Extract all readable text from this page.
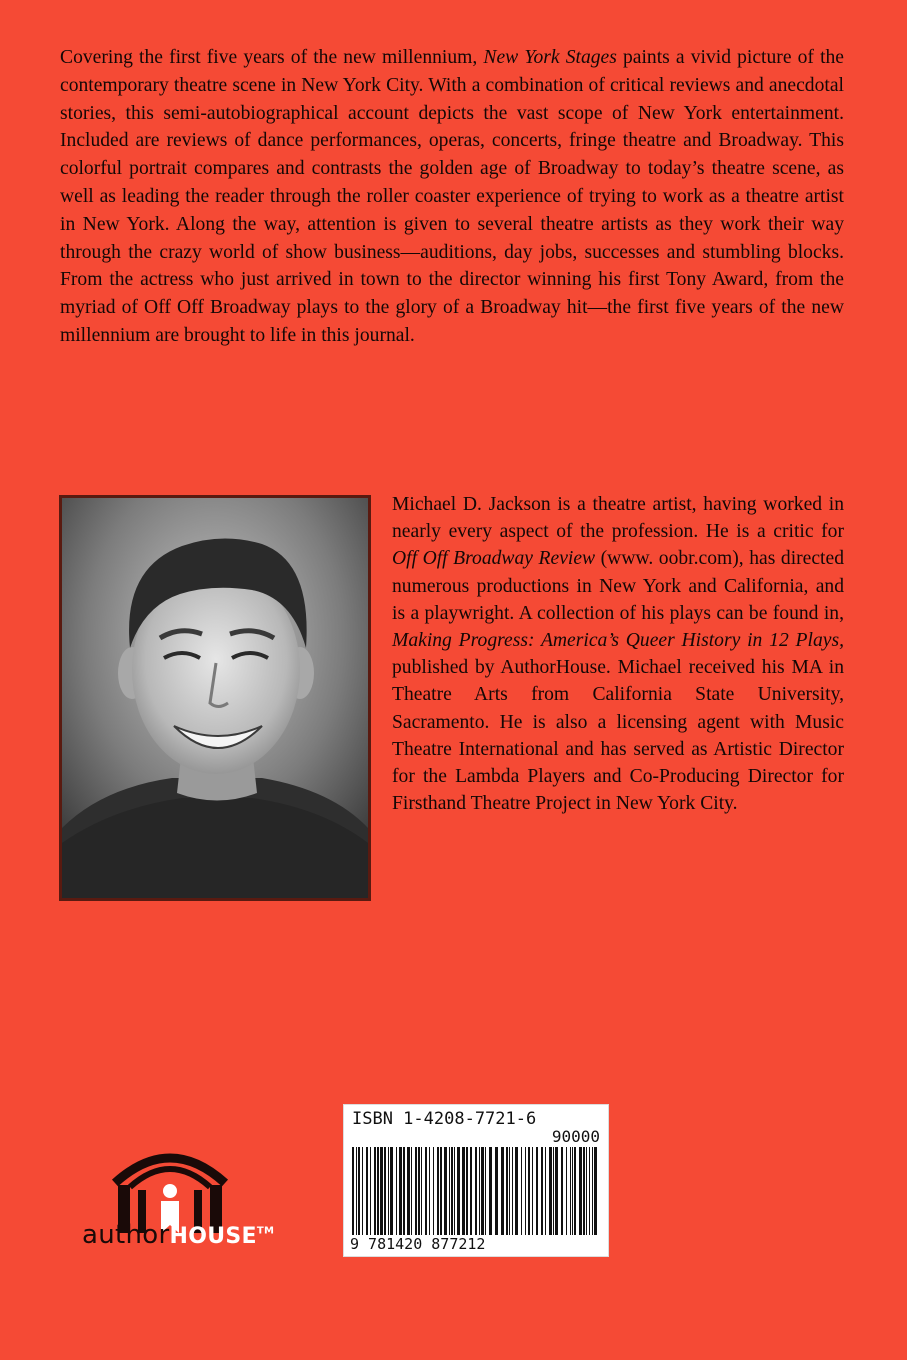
Covering the first five years of the new millennium, New York Stages paints a vivid picture of the contemporary theatre scene in New York City. With a combination of critical reviews and anecdotal stories, this semi-autobiographical account depicts the vast scope of New York entertainment. Included are reviews of dance performances, operas, concerts, fringe theatre and Broadway. This colorful portrait compares and contrasts the golden age of Broadway to today’s theatre scene, as well as leading the reader through the roller coaster experience of trying to work as a theatre artist in New York. Along the way, attention is given to several theatre artists as they work their way through the crazy world of show business—auditions, day jobs, successes and stumbling blocks. From the actress who just arrived in town to the director winning his first Tony Award, from the myriad of Off Off Broadway plays to the glory of a Broadway hit—the first five years of the new millennium are brought to life in this journal.

Michael D. Jackson is a theatre artist, having worked in nearly every aspect of the profession. He is a critic for Off Off Broadway Review (www. oobr.com), has directed numerous productions in New York and California, and is a playwright. A collection of his plays can be found in, Making Progress: America’s Queer History in 12 Plays, published by AuthorHouse. Michael received his MA in Theatre Arts from California State University, Sacramento. He is also a licensing agent with Music Theatre International and has served as Artistic Director for the Lambda Players and Co-Producing Director for Firsthand Theatre Project in New York City.

authorHOUSE™
ISBN 1-4208-7721-6
90000
9 781420 877212
